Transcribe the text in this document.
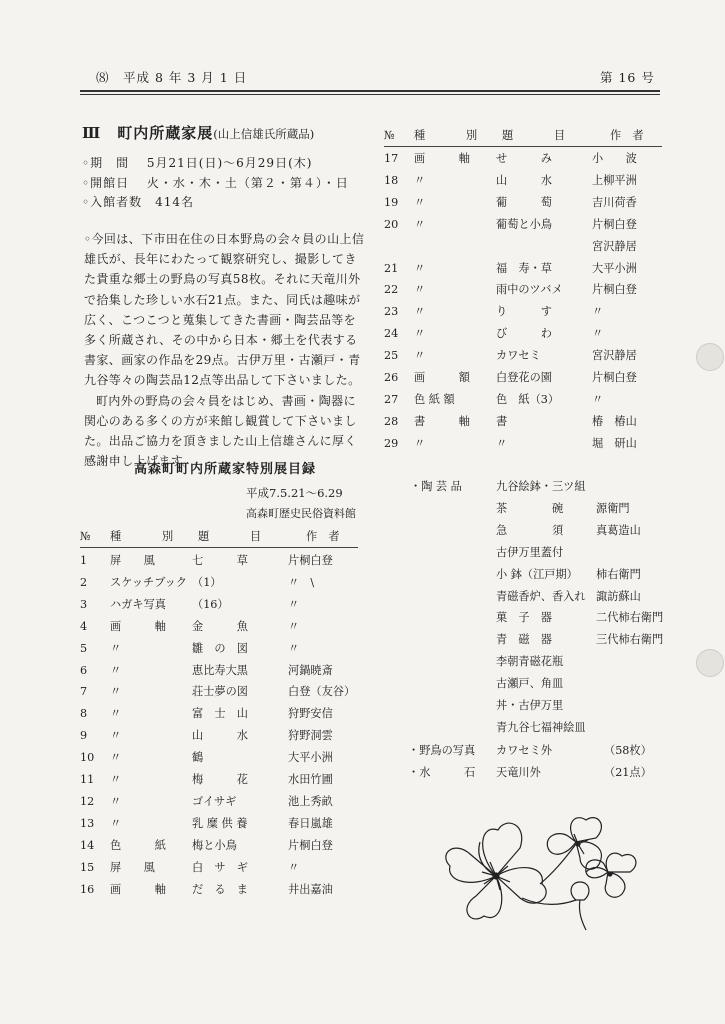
⑻　平成 8 年 3 月 1 日	第 16 号
Ⅲ　町内所蔵家展(山上信雄氏所蔵品)
◦期　間　 5月21日(日)〜6月29日(木)
◦開館日　 火・水・木・土（第２・第４）・日
◦入館者数　414名

◦今回は、下市田在住の日本野鳥の会々員の山上信雄氏が、長年にわたって観察研究し、撮影してきた貴重な郷土の野鳥の写真58枚。それに天竜川外で拾集した珍しい水石21点。また、同氏は趣味が広く、こつこつと蒐集してきた書画・陶芸品等を多く所蔵され、その中から日本・郷土を代表する書家、画家の作品を29点。古伊万里・古瀬戸・青九谷等々の陶芸品12点等出品して下さいました。

町内外の野鳥の会々員をはじめ、書画・陶器に関心のある多くの方が来館し観賞して下さいました。出品ご協力を頂きました山上信雄さんに厚く感謝申し上げます。

高森町町内所蔵家特別展目録
平成7.5.21〜6.29
高森町歴史民俗資料館
№ 種　　別 題　　目	作　者
1 屏　　風	七　　　草	片桐白登
2 スケッチブック （1）	〃　\
3 ハガキ写真 （16）	〃
4 画　　　軸 金　　　魚	〃
5 〃	雛　の　図	〃
6 〃	恵比寿大黒	河鍋暁斎
7 〃	荘士夢の図	白登（友谷）
8 〃	富　士　山	狩野安信
9 〃	山　　　水	狩野洞雲
10 〃	鶴	大平小洲
11 〃	梅　　　花	水田竹圃
12 〃	ゴイサギ	池上秀畝
13 〃	乳 糜 供 養	春日嵐雄
14 色　　　紙 梅と小鳥	片桐白登
15 屏　　風	白　サ　ギ	〃
16 画　　　軸 だ　る　ま	井出嘉油
№ 種　　別 題　　目	作　者
17 画　　　軸 せ　　　み	小　　波
18 〃	山　　　水	上柳平洲
19 〃	葡　　　萄	吉川荷香
20 〃	葡萄と小鳥	片桐白登
宮沢静居
21 〃	福　寿・草	大平小洲
22 〃	雨中のツバメ	片桐白登
23 〃	り　　　す	〃
24 〃	び　　　わ	〃
25 〃	カワセミ	宮沢静居
26 画　　　額 白登花の園	片桐白登
27 色 紙 額	色　紙（3）	〃
28 書　　　軸 書	椿　椿山
29 〃	〃	堀　研山
・陶 芸 品	九谷絵鉢・三ツ組
茶　　　　碗	源衛門
急　　　　須	真葛造山
古伊万里蓋付
小 鉢（江戸期） 柿右衛門
青磁香炉、香入れ 諏訪蘇山
菓　子　器	二代柿右衛門
青　磁　器	三代柿右衛門
李朝青磁花瓶
古瀬戸、角皿
丼・古伊万里
青九谷七福神絵皿
・野鳥の写真 カワセミ外	（58枚）
・水　　　石 天竜川外	（21点）
